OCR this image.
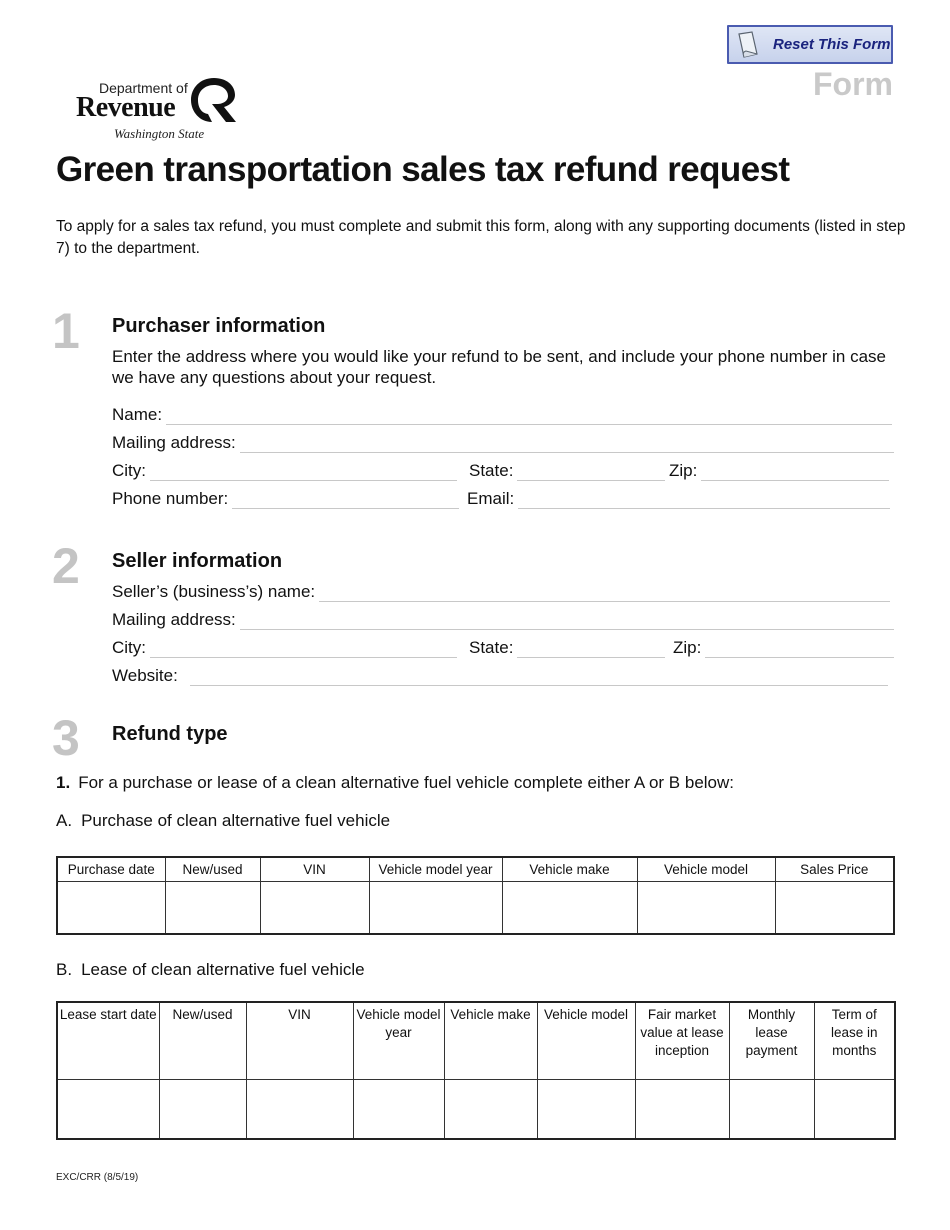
Reset This Form
Form
Department of
Revenue
Washington State
Green transportation sales tax refund request

To apply for a sales tax refund, you must complete and submit this form, along with any supporting documents (listed in step 7) to the department.

1 Purchaser information
Enter the address where you would like your refund to be sent, and include your phone number in case we have any questions about your request.
Name:
Mailing address:
City:	State:	Zip:
Phone number:	Email:
2 Seller information
Seller’s (business’s) name:
Mailing address:
City:	State:	Zip:
Website:
3 Refund type
1. For a purchase or lease of a clean alternative fuel vehicle complete either A or B below:
A. Purchase of clean alternative fuel vehicle
Purchase date	New/used	VIN	Vehicle model year	Vehicle make	Vehicle model	Sales Price

B. Lease of clean alternative fuel vehicle
Lease start date	New/used	VIN	Vehicle model year	Vehicle make	Vehicle model	Fair market value at lease inception	Monthly lease payment	Term of lease in months

EXC/CRR (8/5/19)
